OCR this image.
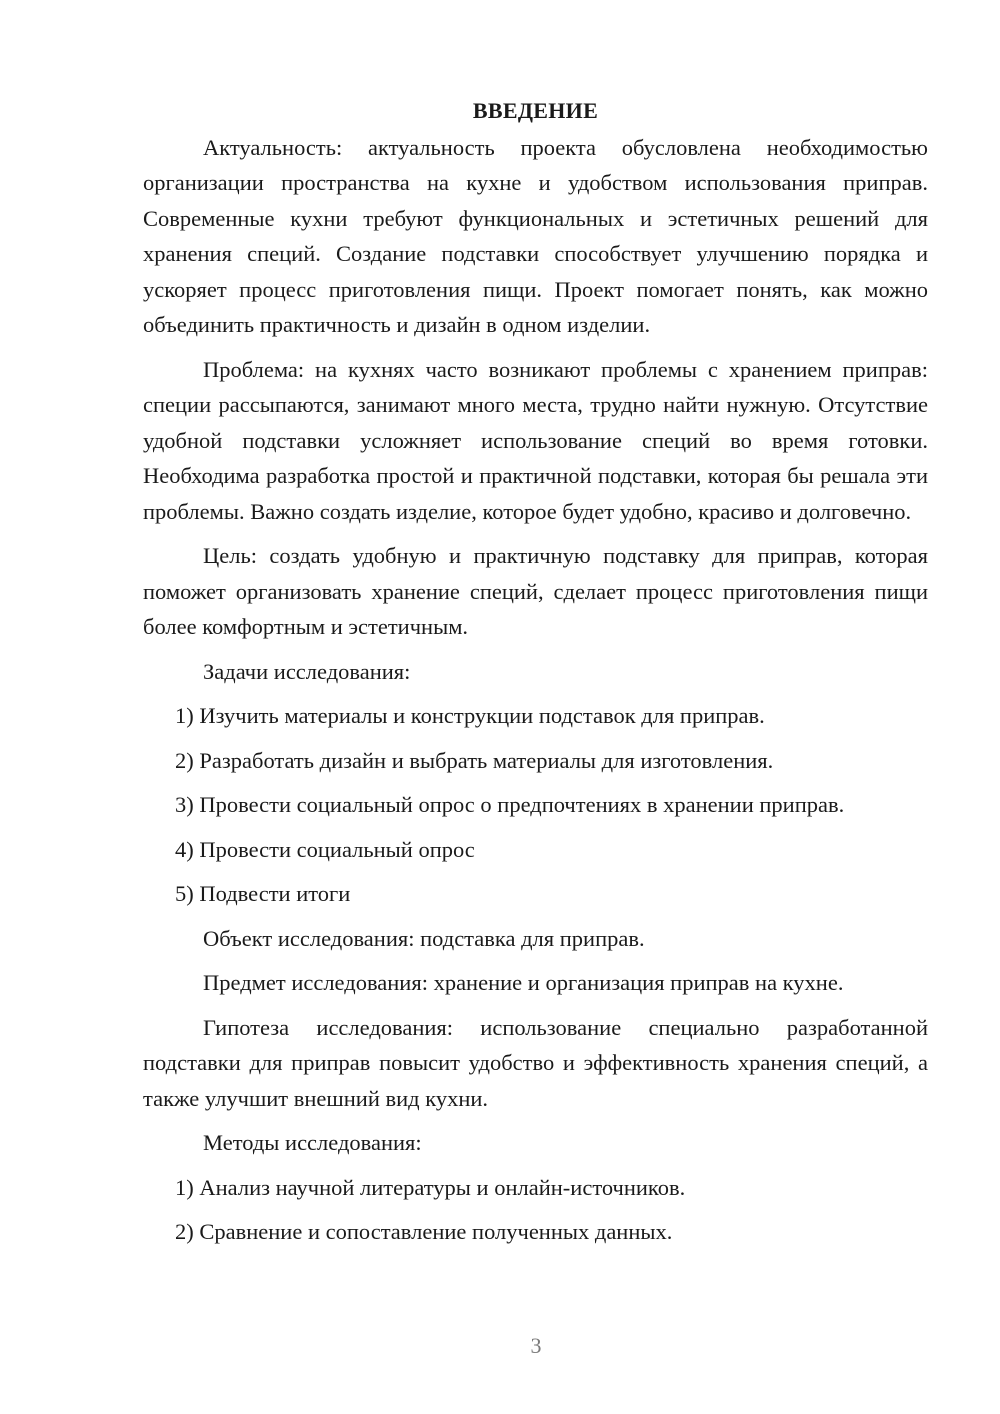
ВВЕДЕНИЕ

Актуальность: актуальность проекта обусловлена необходимостью организации пространства на кухне и удобством использования приправ. Современные кухни требуют функциональных и эстетичных решений для хранения специй. Создание подставки способствует улучшению порядка и ускоряет процесс приготовления пищи. Проект помогает понять, как можно объединить практичность и дизайн в одном изделии.

Проблема: на кухнях часто возникают проблемы с хранением приправ: специи рассыпаются, занимают много места, трудно найти нужную. Отсутствие удобной подставки усложняет использование специй во время готовки. Необходима разработка простой и практичной подставки, которая бы решала эти проблемы. Важно создать изделие, которое будет удобно, красиво и долговечно.

Цель: создать удобную и практичную подставку для приправ, которая поможет организовать хранение специй, сделает процесс приготовления пищи более комфортным и эстетичным.

Задачи исследования:
1) Изучить материалы и конструкции подставок для приправ.
2) Разработать дизайн и выбрать материалы для изготовления.
3) Провести социальный опрос о предпочтениях в хранении приправ.
4) Провести социальный опрос
5) Подвести итоги
Объект исследования: подставка для приправ.
Предмет исследования: хранение и организация приправ на кухне.

Гипотеза исследования: использование специально разработанной подставки для приправ повысит удобство и эффективность хранения специй, а также улучшит внешний вид кухни.

Методы исследования:
1) Анализ научной литературы и онлайн-источников.
2) Сравнение и сопоставление полученных данных.
3
